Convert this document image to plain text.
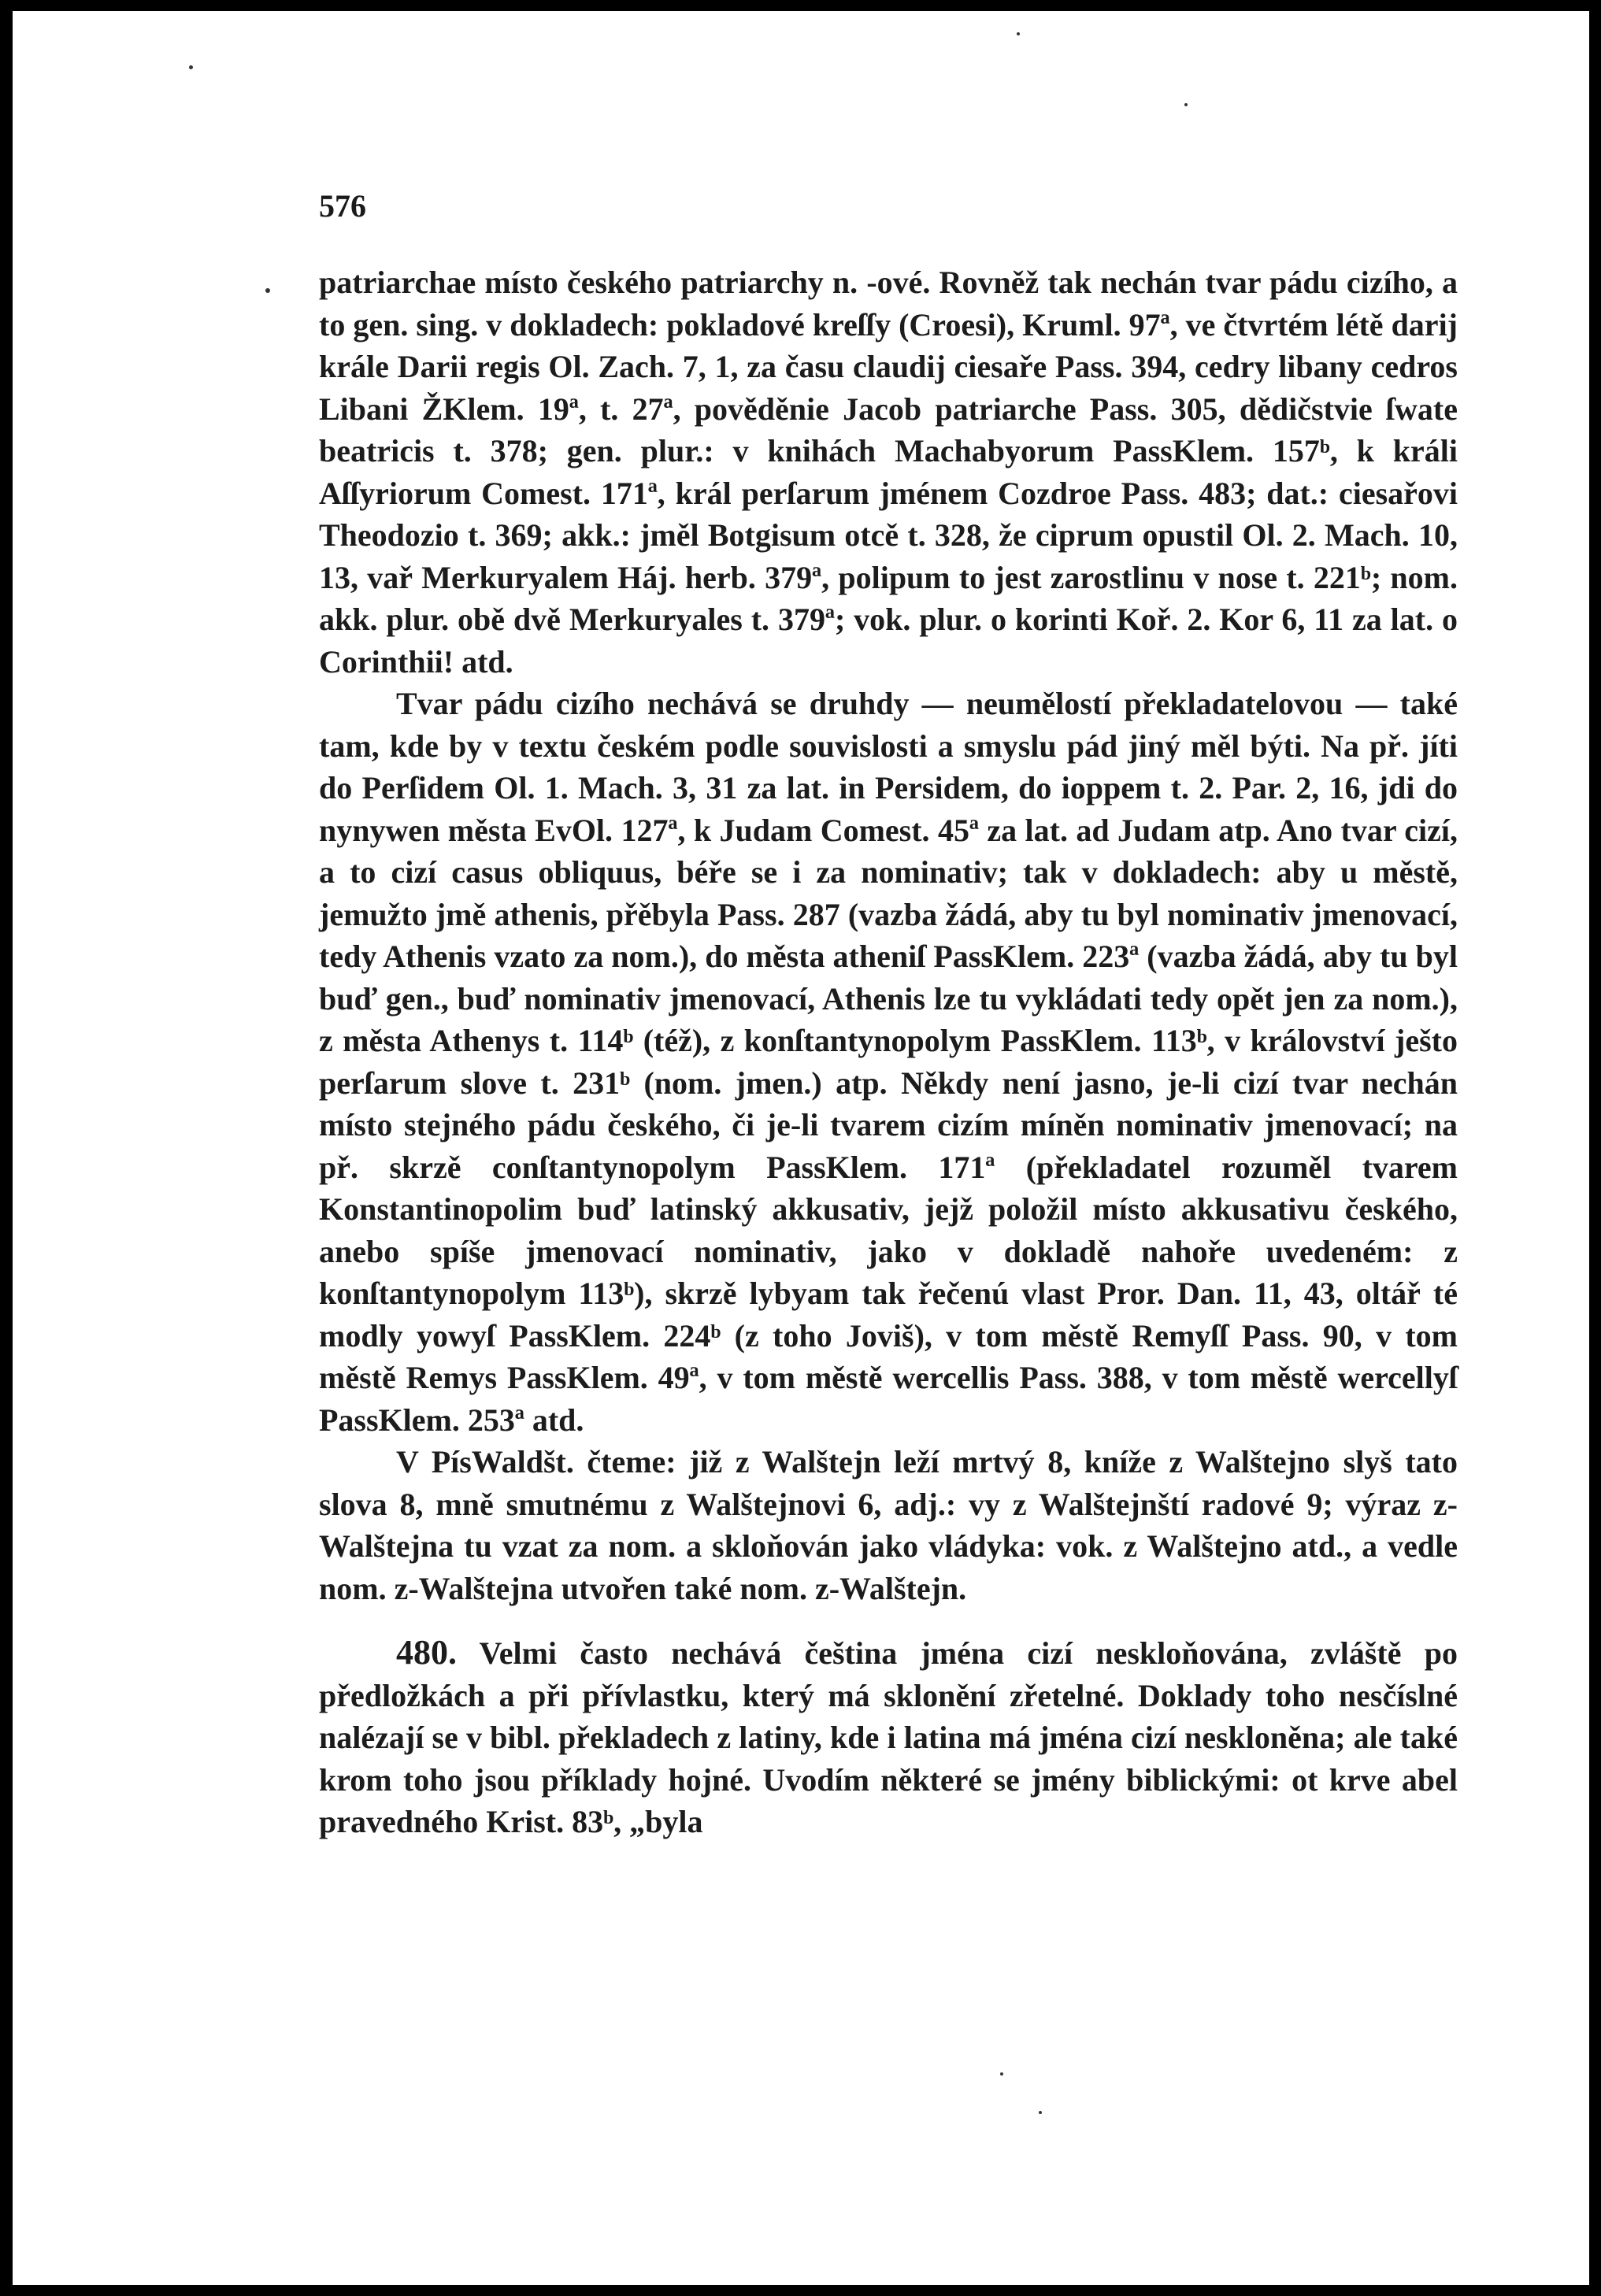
576

patriarchae místo českého patriarchy n. -ové. Rovněž tak nechán tvar pádu cizího, a to gen. sing. v dokladech: pokladové kreſſy (Croesi), Kruml. 97ª, ve čtvrtém létě darij krále Darii regis Ol. Zach. 7, 1, za času claudij ciesaře Pass. 394, cedry libany cedros Libani ŽKlem. 19ª, t. 27ª, pověděnie Jacob patriarche Pass. 305, dědičstvie ſwate beatricis t. 378; gen. plur.: v knihách Machabyorum PassKlem. 157ᵇ, k králi Aſſyriorum Comest. 171ª, král perſarum jménem Cozdroe Pass. 483; dat.: ciesařovi Theodozio t. 369; akk.: jměl Botgisum otcě t. 328, že ciprum opustil Ol. 2. Mach. 10, 13, vař Merkuryalem Háj. herb. 379ª, polipum to jest zarostlinu v nose t. 221ᵇ; nom. akk. plur. obě dvě Merkuryales t. 379ª; vok. plur. o korinti Koř. 2. Kor 6, 11 za lat. o Corinthii! atd.

Tvar pádu cizího nechává se druhdy — neumělostí překladatelovou — také tam, kde by v textu českém podle souvislosti a smyslu pád jiný měl býti. Na př. jíti do Perſidem Ol. 1. Mach. 3, 31 za lat. in Persidem, do ioppem t. 2. Par. 2, 16, jdi do nynywen města EvOl. 127ª, k Judam Comest. 45ª za lat. ad Judam atp. Ano tvar cizí, a to cizí casus obliquus, béře se i za nominativ; tak v dokladech: aby u městě, jemužto jmě athenis, přěbyla Pass. 287 (vazba žádá, aby tu byl nominativ jmenovací, tedy Athenis vzato za nom.), do města atheniſ PassKlem. 223ª (vazba žádá, aby tu byl buď gen., buď nominativ jmenovací, Athenis lze tu vykládati tedy opět jen za nom.), z města Athenys t. 114ᵇ (též), z konſtantynopolym PassKlem. 113ᵇ, v království ješto perſarum slove t. 231ᵇ (nom. jmen.) atp. Někdy není jasno, je-li cizí tvar nechán místo stejného pádu českého, či je-li tvarem cizím míněn nominativ jmenovací; na př. skrzě conſtantynopolym PassKlem. 171ª (překladatel rozuměl tvarem Konstantinopolim buď latinský akkusativ, jejž položil místo akkusativu českého, anebo spíše jmenovací nominativ, jako v dokladě nahoře uvedeném: z konſtantynopolym 113ᵇ), skrzě lybyam tak řečenú vlast Pror. Dan. 11, 43, oltář té modly yowyſ PassKlem. 224ᵇ (z toho Joviš), v tom městě Remyſſ Pass. 90, v tom městě Remys PassKlem. 49ª, v tom městě wercellis Pass. 388, v tom městě wercellyſ PassKlem. 253ª atd.

V PísWaldšt. čteme: již z Walštejn leží mrtvý 8, kníže z Walštejno slyš tato slova 8, mně smutnému z Walštejnovi 6, adj.: vy z Walštejnští radové 9; výraz z-Walštejna tu vzat za nom. a skloňován jako vládyka: vok. z Walštejno atd., a vedle nom. z-Walštejna utvořen také nom. z-Walštejn.

480. Velmi často nechává čeština jména cizí neskloňována, zvláště po předložkách a při přívlastku, který má sklonění zřetelné. Doklady toho nesčíslné nalézají se v bibl. překladech z latiny, kde i latina má jména cizí neskloněna; ale také krom toho jsou příklady hojné. Uvodím některé se jmény biblickými: ot krve abel pravedného Krist. 83ᵇ, „byla
